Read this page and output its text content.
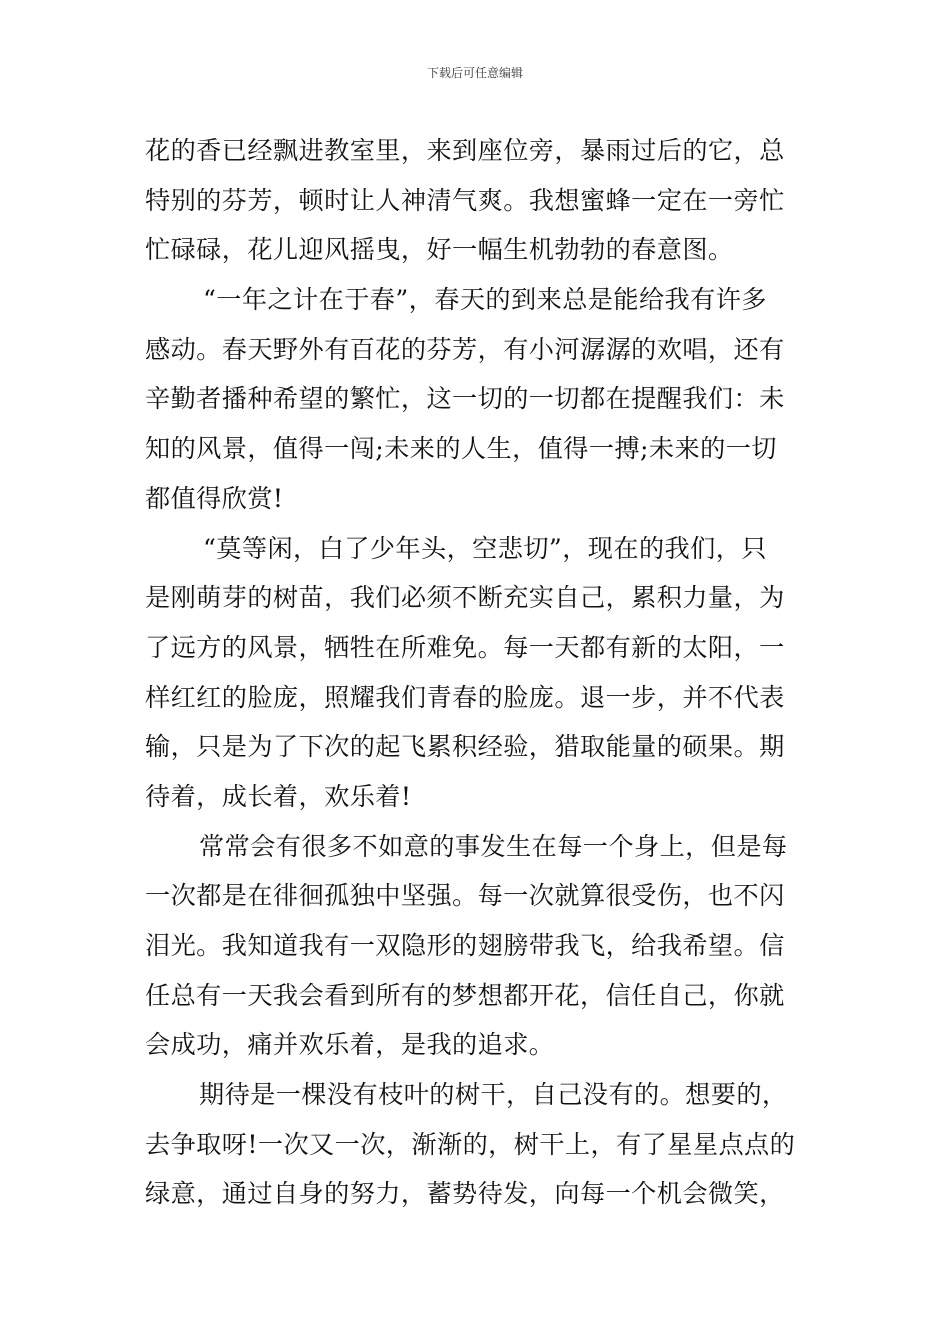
下载后可任意编辑
花的香已经飘进教室里，来到座位旁，暴雨过后的它，总
特别的芬芳，顿时让人神清气爽。我想蜜蜂一定在一旁忙
忙碌碌，花儿迎风摇曳，好一幅生机勃勃的春意图。
“一年之计在于春”，春天的到来总是能给我有许多
感动。春天野外有百花的芬芳，有小河潺潺的欢唱，还有
辛勤者播种希望的繁忙，这一切的一切都在提醒我们：未
知的风景，值得一闯;未来的人生，值得一搏;未来的一切
都值得欣赏!
“莫等闲，白了少年头，空悲切”，现在的我们，只
是刚萌芽的树苗，我们必须不断充实自己，累积力量，为
了远方的风景，牺牲在所难免。每一天都有新的太阳，一
样红红的脸庞，照耀我们青春的脸庞。退一步，并不代表
输，只是为了下次的起飞累积经验，猎取能量的硕果。期
待着，成长着，欢乐着!
常常会有很多不如意的事发生在每一个身上，但是每
一次都是在徘徊孤独中坚强。每一次就算很受伤，也不闪
泪光。我知道我有一双隐形的翅膀带我飞，给我希望。信
任总有一天我会看到所有的梦想都开花，信任自己，你就
会成功，痛并欢乐着，是我的追求。
期待是一棵没有枝叶的树干，自己没有的。想要的，
去争取呀!一次又一次，渐渐的，树干上，有了星星点点的
绿意，通过自身的努力，蓄势待发，向每一个机会微笑，
